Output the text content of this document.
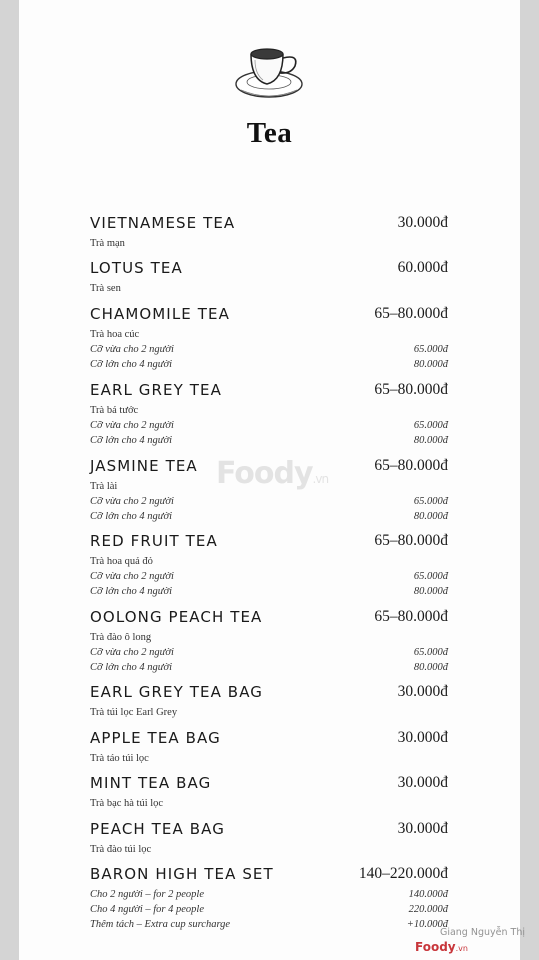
Tea
VIETNAMESE TEA	30.000đ
Trà mạn
LOTUS TEA	60.000đ
Trà sen
CHAMOMILE TEA	65–80.000đ
Trà hoa cúc
Cỡ vừa cho 2 người	65.000đ
Cỡ lớn cho 4 người	80.000đ
EARL GREY TEA	65–80.000đ
Trà bá tước
Cỡ vừa cho 2 người	65.000đ
Cỡ lớn cho 4 người	80.000đ
JASMINE TEA	65–80.000đ
Trà lài
Cỡ vừa cho 2 người	65.000đ
Cỡ lớn cho 4 người	80.000đ
RED FRUIT TEA	65–80.000đ
Trà hoa quả đỏ
Cỡ vừa cho 2 người	65.000đ
Cỡ lớn cho 4 người	80.000đ
OOLONG PEACH TEA	65–80.000đ
Trà đào ô long
Cỡ vừa cho 2 người	65.000đ
Cỡ lớn cho 4 người	80.000đ
EARL GREY TEA BAG	30.000đ
Trà túi lọc Earl Grey
APPLE TEA BAG	30.000đ
Trà táo túi lọc
MINT TEA BAG	30.000đ
Trà bạc hà túi lọc
PEACH TEA BAG	30.000đ
Trà đào túi lọc
BARON HIGH TEA SET	140–220.000đ
Cho 2 người – for 2 people	140.000đ
Cho 4 người – for 4 people	220.000đ
Thêm tách – Extra cup surcharge	+10.000đ
Foody.vn
Giang Nguyễn Thị
Foody.vn
